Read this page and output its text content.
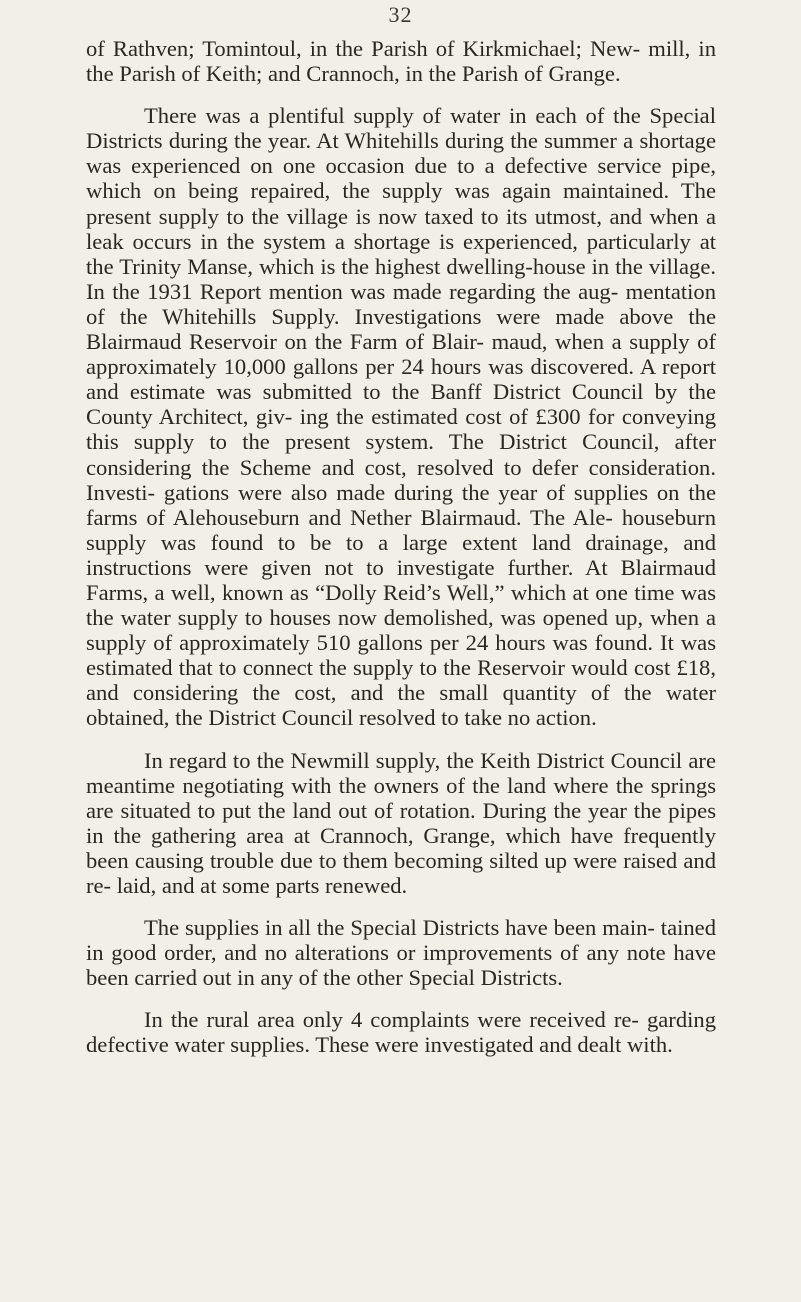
32

of Rathven; Tomintoul, in the Parish of Kirkmichael; New- mill, in the Parish of Keith; and Crannoch, in the Parish of Grange.

There was a plentiful supply of water in each of the Special Districts during the year. At Whitehills during the summer a shortage was experienced on one occasion due to a defective service pipe, which on being repaired, the supply was again maintained. The present supply to the village is now taxed to its utmost, and when a leak occurs in the system a shortage is experienced, particularly at the Trinity Manse, which is the highest dwelling-house in the village. In the 1931 Report mention was made regarding the aug- mentation of the Whitehills Supply. Investigations were made above the Blairmaud Reservoir on the Farm of Blair- maud, when a supply of approximately 10,000 gallons per 24 hours was discovered. A report and estimate was submitted to the Banff District Council by the County Architect, giv- ing the estimated cost of £300 for conveying this supply to the present system. The District Council, after considering the Scheme and cost, resolved to defer consideration. Investi- gations were also made during the year of supplies on the farms of Alehouseburn and Nether Blairmaud. The Ale- houseburn supply was found to be to a large extent land drainage, and instructions were given not to investigate further. At Blairmaud Farms, a well, known as “Dolly Reid’s Well,” which at one time was the water supply to houses now demolished, was opened up, when a supply of approximately 510 gallons per 24 hours was found. It was estimated that to connect the supply to the Reservoir would cost £18, and considering the cost, and the small quantity of the water obtained, the District Council resolved to take no action.

In regard to the Newmill supply, the Keith District Council are meantime negotiating with the owners of the land where the springs are situated to put the land out of rotation. During the year the pipes in the gathering area at Crannoch, Grange, which have frequently been causing trouble due to them becoming silted up were raised and re- laid, and at some parts renewed.

The supplies in all the Special Districts have been main- tained in good order, and no alterations or improvements of any note have been carried out in any of the other Special Districts.

In the rural area only 4 complaints were received re- garding defective water supplies. These were investigated and dealt with.
